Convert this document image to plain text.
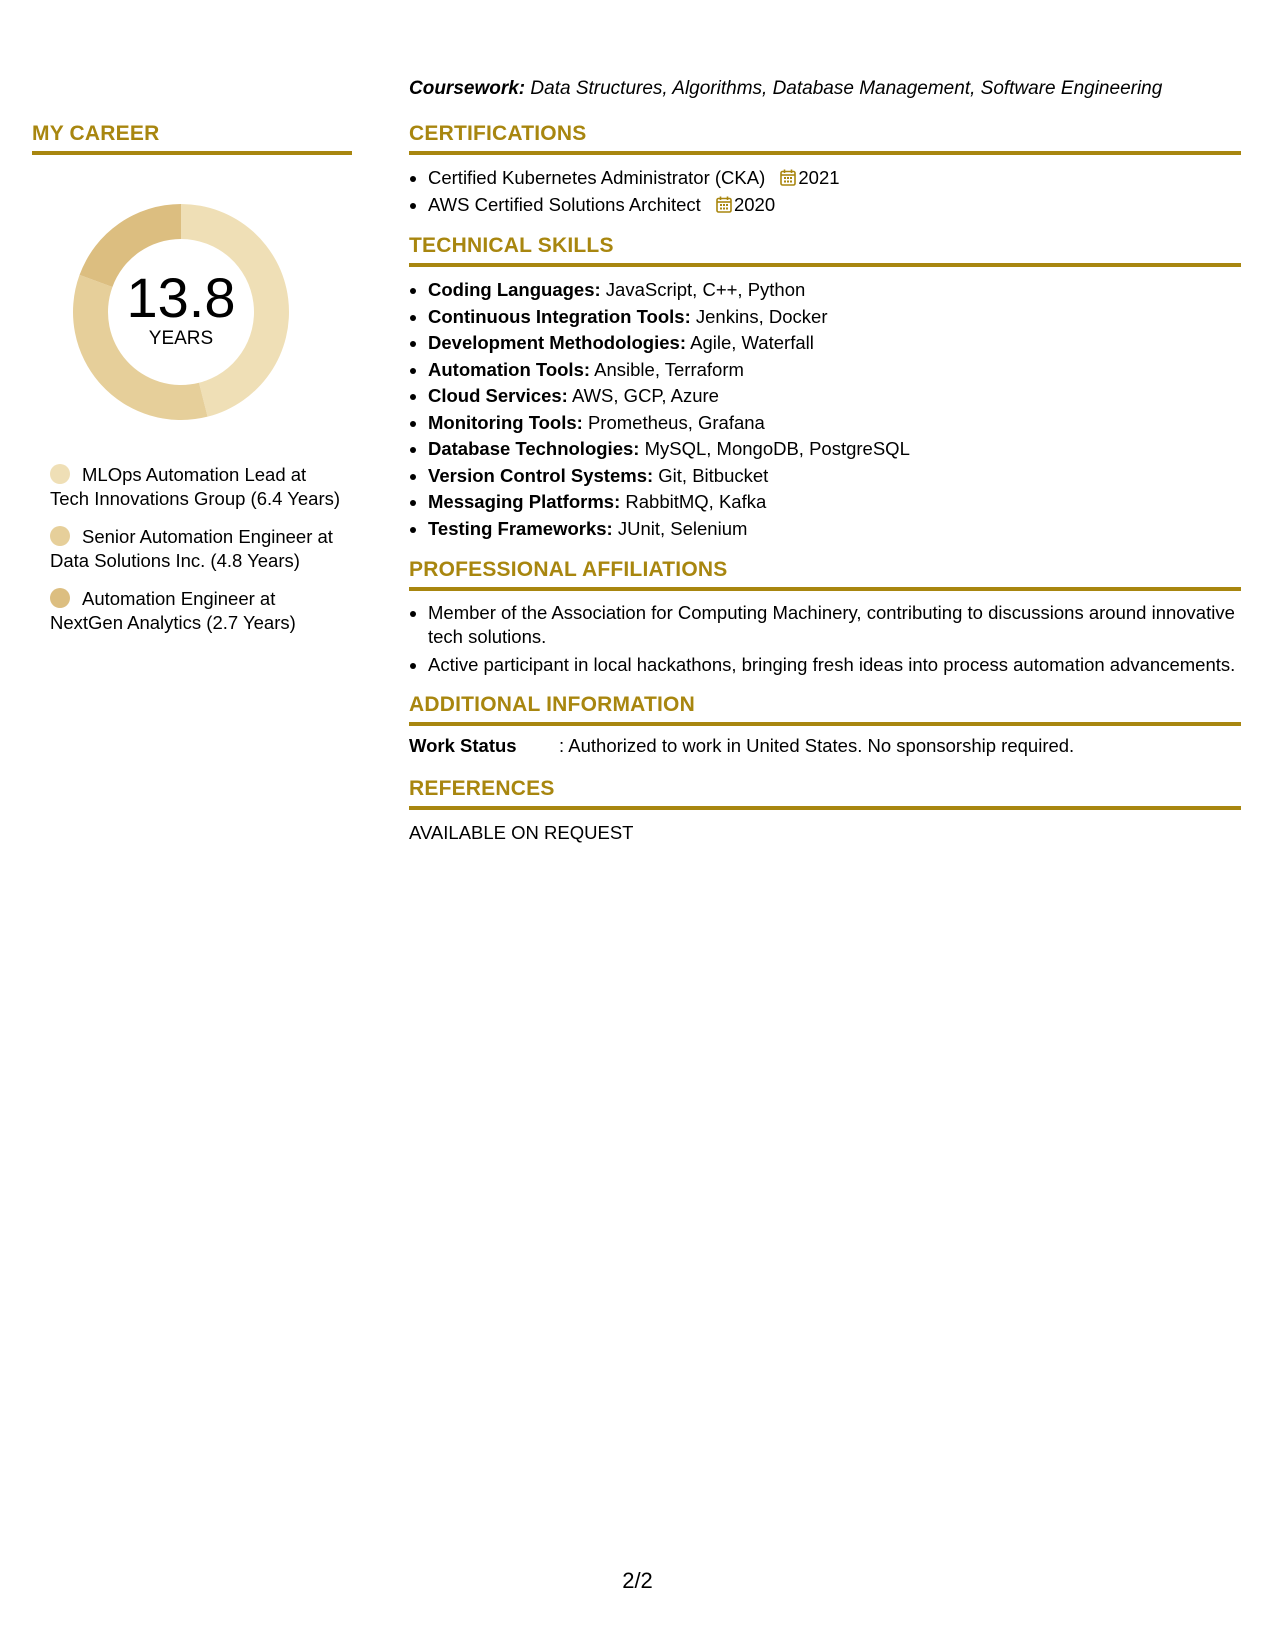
MY CAREER
13.8
YEARS
MLOps Automation Lead at Tech Innovations Group (6.4 Years)
Senior Automation Engineer at Data Solutions Inc. (4.8 Years)
Automation Engineer at NextGen Analytics (2.7 Years)

Coursework: Data Structures, Algorithms, Database Management, Software Engineering

CERTIFICATIONS
• Certified Kubernetes Administrator (CKA) 2021
• AWS Certified Solutions Architect 2020
TECHNICAL SKILLS
• Coding Languages: JavaScript, C++, Python
• Continuous Integration Tools: Jenkins, Docker
• Development Methodologies: Agile, Waterfall
• Automation Tools: Ansible, Terraform
• Cloud Services: AWS, GCP, Azure
• Monitoring Tools: Prometheus, Grafana
• Database Technologies: MySQL, MongoDB, PostgreSQL
• Version Control Systems: Git, Bitbucket
• Messaging Platforms: RabbitMQ, Kafka
• Testing Frameworks: JUnit, Selenium
PROFESSIONAL AFFILIATIONS
• Member of the Association for Computing Machinery, contributing to discussions around innovative tech solutions.
• Active participant in local hackathons, bringing fresh ideas into process automation advancements.
ADDITIONAL INFORMATION
Work Status	: Authorized to work in United States. No sponsorship required.
REFERENCES

AVAILABLE ON REQUEST

2/2
